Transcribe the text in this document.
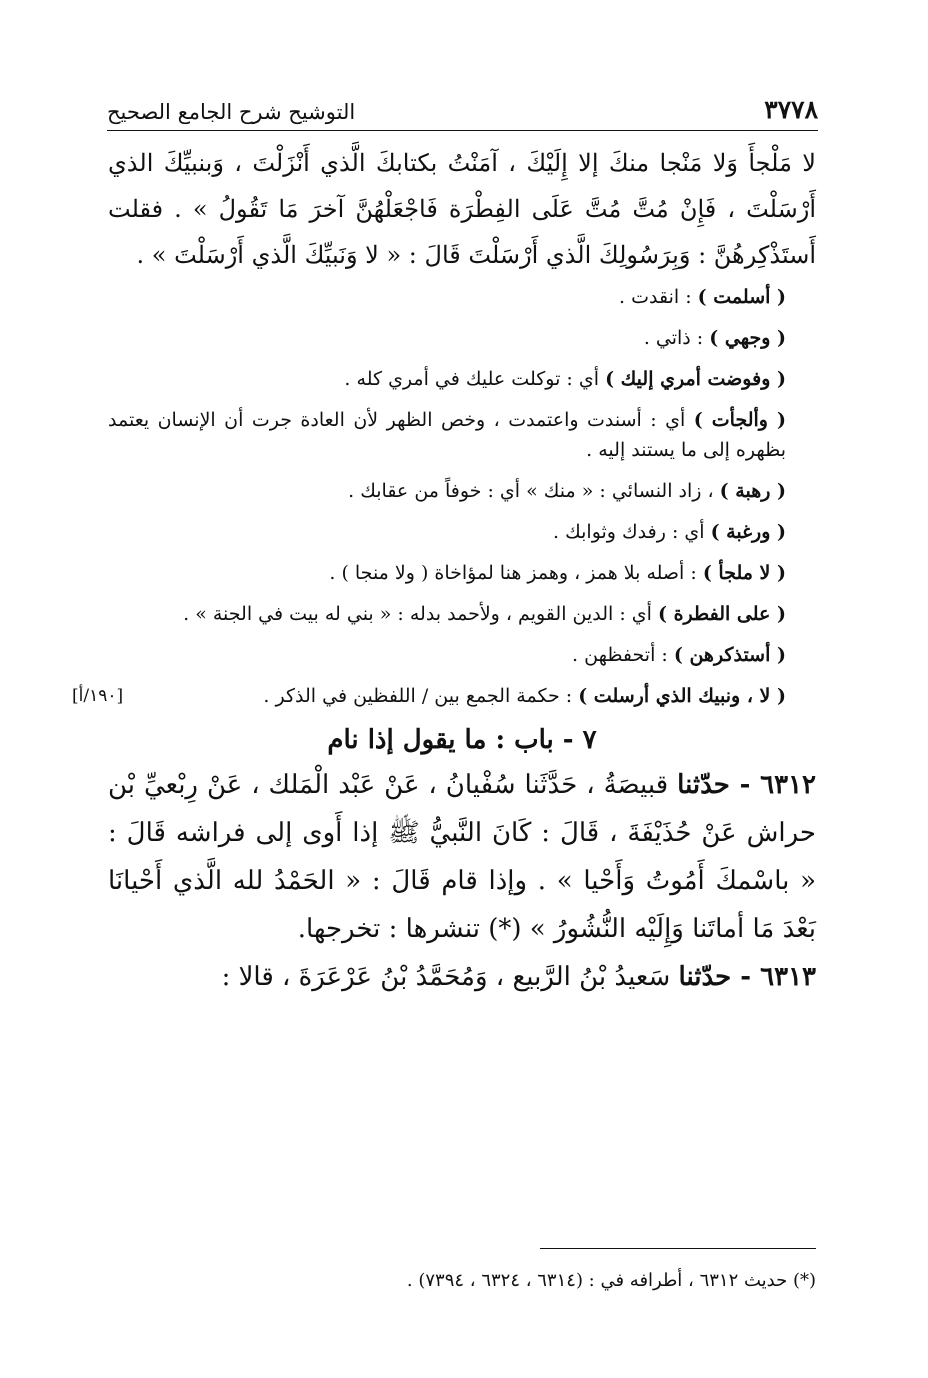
٣٧٧٨
التوشيح شرح الجامع الصحيح

لا مَلْجأَ وَلا مَنْجا منكَ إلا إِلَيْكَ ، آمَنْتُ بكتابكَ الَّذي أَنْزَلْتَ ، وَبنبيِّكَ الذي أَرْسَلْتَ ، فَإِنْ مُتَّ مُتَّ عَلَى الفِطْرَة فَاجْعَلْهُنَّ آخرَ مَا تَقُولُ » . فقلت أَستَذْكِرهُنَّ : وَبِرَسُولِكَ الَّذي أَرْسَلْتَ قَالَ : « لا وَنَبيِّكَ الَّذي أَرْسَلْتَ » .

( أسلمت ) : انقدت .

( وجهي ) : ذاتي .

( وفوضت أمري إليك ) أي : توكلت عليك في أمري كله .

( وألجأت ) أي : أسندت واعتمدت ، وخص الظهر لأن العادة جرت أن الإنسان يعتمد بظهره إلى ما يستند إليه .

( رهبة ) ، زاد النسائي : « منك » أي : خوفاً من عقابك .

( ورغبة ) أي : رفدك وثوابك .

( لا ملجأ ) : أصله بلا همز ، وهمز هنا لمؤاخاة ( ولا منجا ) .

( على الفطرة ) أي : الدين القويم ، ولأحمد بدله : « بني له بيت في الجنة » .

( أستذكرهن ) : أتحفظهن .

( لا ، ونبيك الذي أرسلت ) : حكمة الجمع بين / اللفظين في الذكر .
[١٩٠/أ]

٧ - باب : ما يقول إذا نام

٦٣١٢ - حدّثنا قبيصَةُ ، حَدَّثَنا سُفْيانُ ، عَنْ عَبْد الْمَلك ، عَنْ رِبْعيِّ بْن حراش عَنْ حُذَيْفَةَ ، قَالَ : كَانَ النَّبيُّ ﷺ إذا أَوى إلى فراشه قَالَ : « باسْمكَ أَمُوتُ وَأَحْيا » . وإذا قام قَالَ : « الحَمْدُ لله الَّذي أَحْيانَا بَعْدَ مَا أماتَنا وَإِلَيْه النُّشُورُ » (*) تنشرها : تخرجها.

٦٣١٣ - حدّثنا سَعيدُ بْنُ الرَّبيع ، وَمُحَمَّدُ بْنُ عَرْعَرَةَ ، قالا :

(*) حديث ٦٣١٢ ، أطرافه في : (٦٣١٤ ، ٦٣٢٤ ، ٧٣٩٤) .
